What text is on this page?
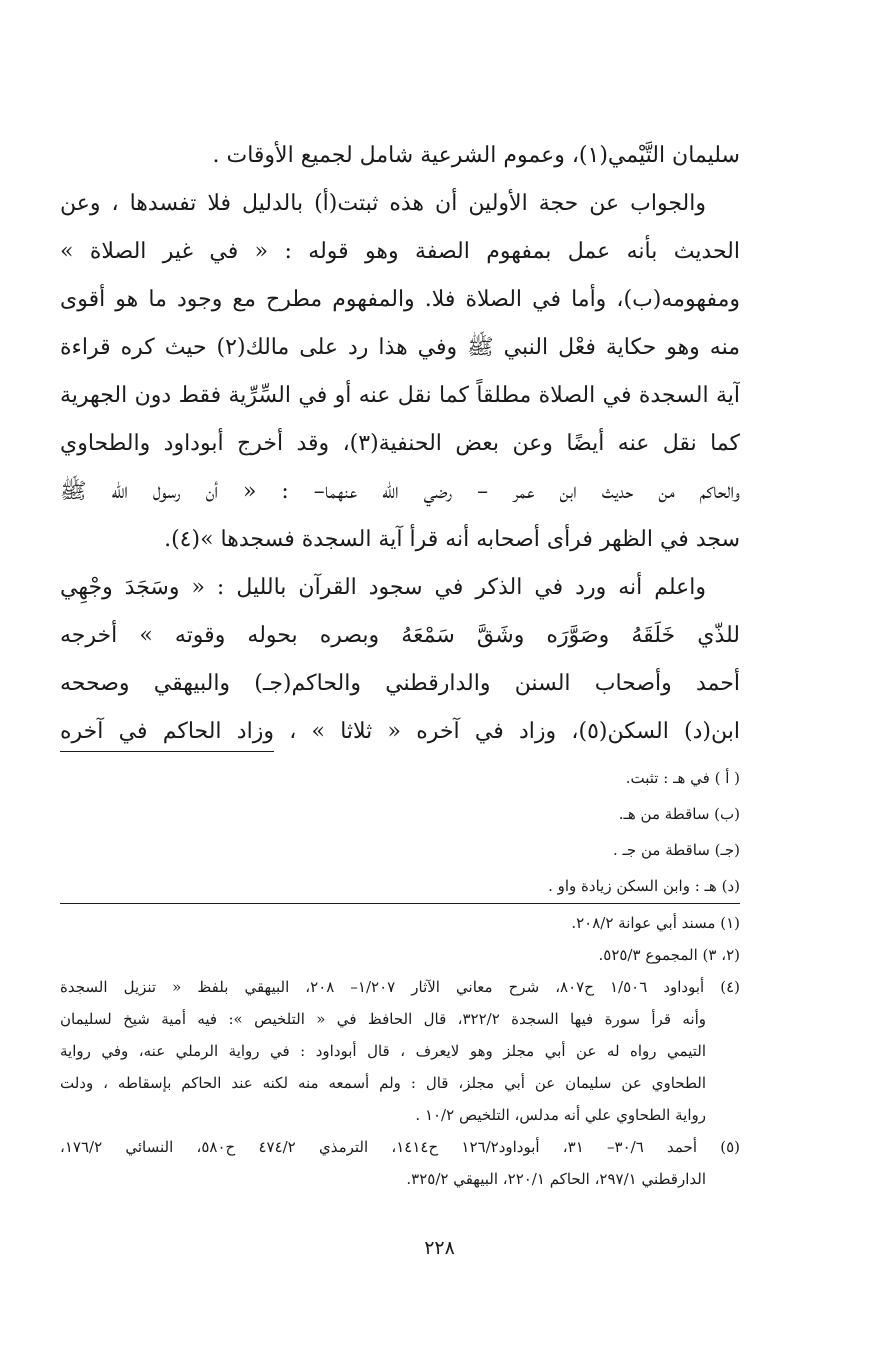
سليمان التَّيْمي(١)، وعموم الشرعية شامل لجميع الأوقات .
والجواب عن حجة الأولين أن هذه ثبتت(أ) بالدليل فلا تفسدها ، وعن
الحديث بأنه عمل بمفهوم الصفة وهو قوله : « في غير الصلاة »
ومفهومه(ب)، وأما في الصلاة فلا. والمفهوم مطرح مع وجود ما هو أقوى
منه وهو حكاية فعْل النبي ﷺ وفي هذا رد على مالك(٢) حيث كره قراءة
آية السجدة في الصلاة مطلقاً كما نقل عنه أو في السِّرِّية فقط دون الجهرية
كما نقل عنه أيضًا وعن بعض الحنفية(٣)، وقد أخرج أبوداود والطحاوي
والحاكم من حديث ابن عمر – رضي الله عنهما– : « أن رسول الله ﷺ
سجد في الظهر فرأى أصحابه أنه قرأ آية السجدة فسجدها »(٤).
واعلم أنه ورد في الذكر في سجود القرآن بالليل : « وسَجَدَ وجْهِي
للذّي خَلَقَهُ وصَوَّرَه وشَقَّ سَمْعَهُ وبصره بحوله وقوته » أخرجه
أحمد وأصحاب السنن والدارقطني والحاكم(جـ) والبيهقي وصححه
ابن(د) السكن(٥)، وزاد في آخره « ثلاثا » ، وزاد الحاكم في آخره
( أ ) في هـ : تثبت.
(ب) ساقطة من هـ.
(جـ) ساقطة من جـ .
(د) هـ : وابن السكن زيادة واو .
(١) مسند أبي عوانة ٢٠٨/٢.
(٢، ٣) المجموع ٥٢٥/٣.
(٤) أبوداود ١/٥٠٦ ح٨٠٧، شرح معاني الآثار ١/٢٠٧– ٢٠٨، البيهقي بلفظ « تنزيل السجدة
وأنه قرأ سورة فيها السجدة ٣٢٢/٢، قال الحافظ في « التلخيص »: فيه أمية شيخ لسليمان
التيمي رواه له عن أبي مجلز وهو لايعرف ، قال أبوداود : في رواية الرملي عنه، وفي رواية
الطحاوي عن سليمان عن أبي مجلز، قال : ولم أسمعه منه لكنه عند الحاكم بإسقاطه ، ودلت
رواية الطحاوي علي أنه مدلس، التلخيص ١٠/٢ .
(٥) أحمد ٣٠/٦– ٣١، أبوداود١٢٦/٢ ح١٤١٤، الترمذي ٤٧٤/٢ ح٥٨٠، النسائي ١٧٦/٢،
الدارقطني ٢٩٧/١، الحاكم ٢٢٠/١، البيهقي ٣٢٥/٢.
٢٢٨
